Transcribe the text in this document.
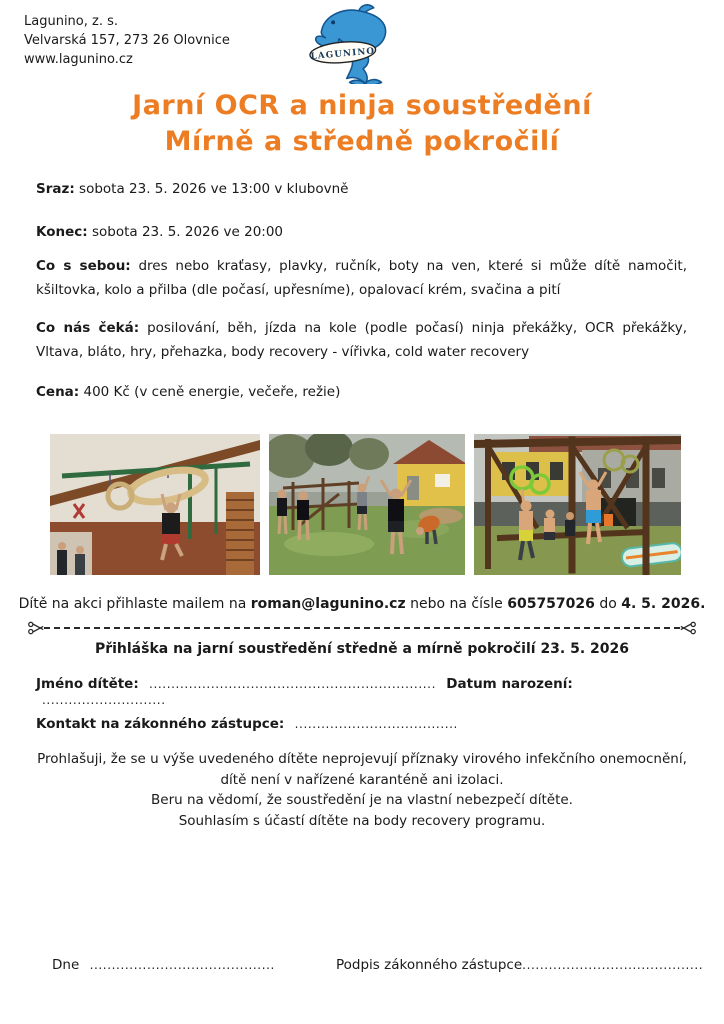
Lagunino, z. s.
Velvarská 157, 273 26 Olovnice
www.lagunino.cz	LAGUNINO
Jarní OCR a ninja soustředění
Mírně a středně pokročilí
Sraz: sobota 23. 5. 2026 ve 13:00 v klubovně
Konec: sobota 23. 5. 2026 ve 20:00
Co s sebou: dres nebo kraťasy, plavky, ručník, boty na ven, které si může dítě namočit, kšiltovka, kolo a přilba (dle počasí, upřesníme), opalovací krém, svačina a pití
Co nás čeká: posilování, běh, jízda na kole (podle počasí) ninja překážky, OCR překážky, Vltava, bláto, hry, přehazka, body recovery - vířivka, cold water recovery
Cena: 400 Kč (v ceně energie, večeře, režie)
Dítě na akci přihlaste mailem na roman@lagunino.cz nebo na čísle 605757026 do 4. 5. 2026.
Přihláška na jarní soustředění středně a mírně pokročilí 23. 5. 2026
Jméno dítěte: ................................................................. Datum narození: ............................
Kontakt na zákonného zástupce: .....................................
Prohlašuji, že se u výše uvedeného dítěte neprojevují příznaky virového infekčního onemocnění, dítě není v nařízené karanténě ani izolaci.
Beru na vědomí, že soustředění je na vlastní nebezpečí dítěte.
Souhlasím s účastí dítěte na body recovery programu.
Dne ..........................................	Podpis zákonného zástupce.........................................
